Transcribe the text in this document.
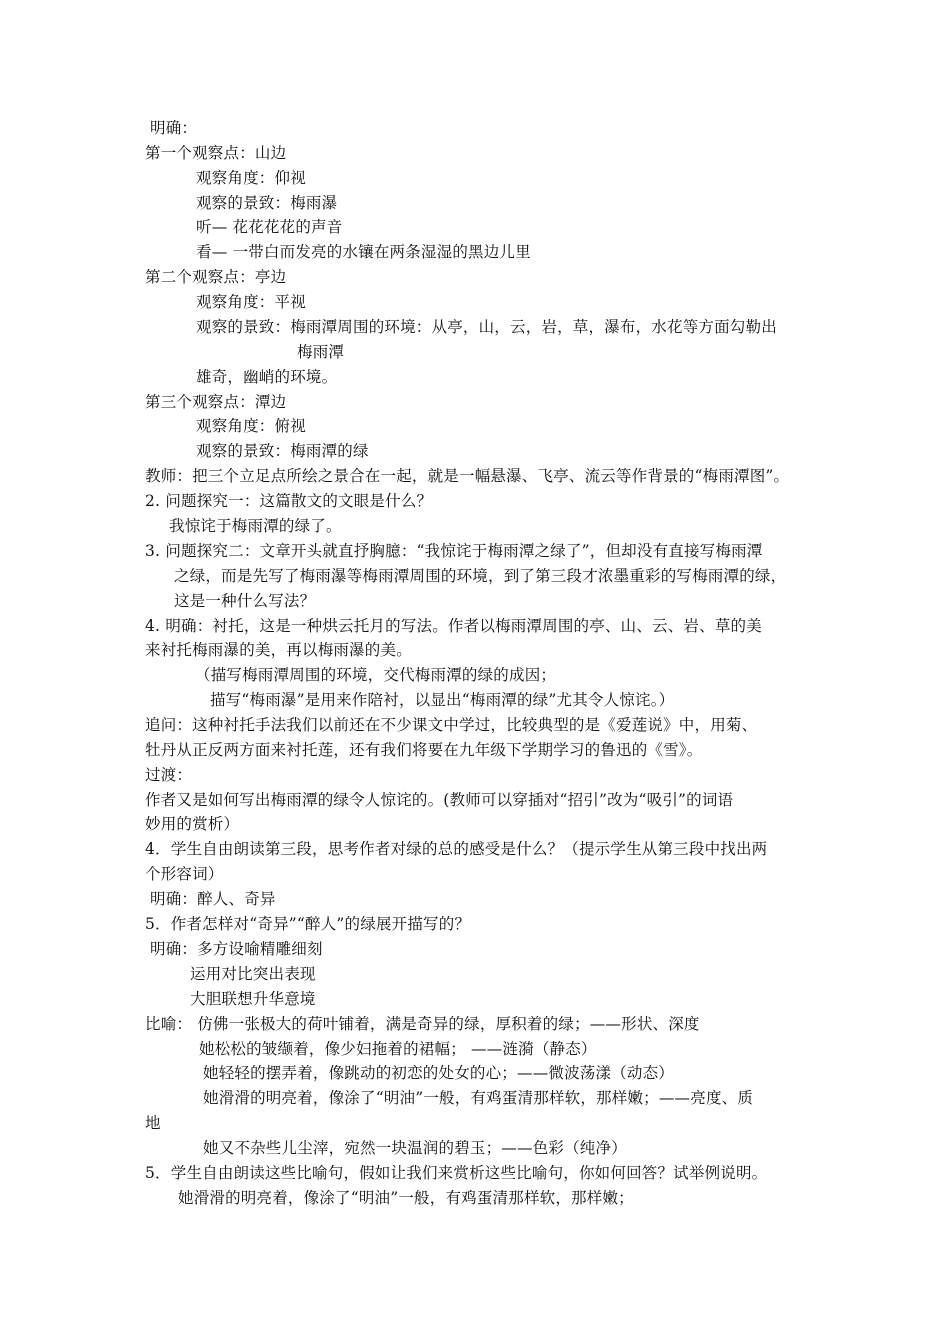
明确：
第一个观察点：山边
观察角度：仰视
观察的景致：梅雨瀑
听— 花花花花的声音
看— 一带白而发亮的水镶在两条湿湿的黑边儿里
第二个观察点：亭边
观察角度：平视
观察的景致：梅雨潭周围的环境：从亭，山，云，岩，草，瀑布，水花等方面勾勒出
梅雨潭
雄奇，幽峭的环境。
第三个观察点：潭边
观察角度：俯视
观察的景致：梅雨潭的绿
教师：把三个立足点所绘之景合在一起，就是一幅悬瀑、飞亭、流云等作背景的“梅雨潭图”。
2. 问题探究一：这篇散文的文眼是什么？
我惊诧于梅雨潭的绿了。
3. 问题探究二：文章开头就直抒胸臆：“我惊诧于梅雨潭之绿了”，但却没有直接写梅雨潭
之绿，而是先写了梅雨瀑等梅雨潭周围的环境，到了第三段才浓墨重彩的写梅雨潭的绿，
这是一种什么写法？
4. 明确：衬托，这是一种烘云托月的写法。作者以梅雨潭周围的亭、山、云、岩、草的美
来衬托梅雨瀑的美，再以梅雨瀑的美。
（描写梅雨潭周围的环境，交代梅雨潭的绿的成因；
描写“梅雨瀑”是用来作陪衬，以显出“梅雨潭的绿”尤其令人惊诧。）
追问：这种衬托手法我们以前还在不少课文中学过，比较典型的是《爱莲说》中，用菊、
牡丹从正反两方面来衬托莲，还有我们将要在九年级下学期学习的鲁迅的《雪》。
过渡：
作者又是如何写出梅雨潭的绿令人惊诧的。(教师可以穿插对“招引”改为“吸引”的词语
妙用的赏析）
4．学生自由朗读第三段，思考作者对绿的总的感受是什么？（提示学生从第三段中找出两
个形容词）
明确：醉人、奇异
5．作者怎样对“奇异”“醉人”的绿展开描写的？
明确：多方设喻精雕细刻
运用对比突出表现
大胆联想升华意境
比喻： 仿佛一张极大的荷叶铺着，满是奇异的绿，厚积着的绿；——形状、深度
她松松的皱缬着，像少妇拖着的裙幅； ——涟漪（静态）
她轻轻的摆弄着，像跳动的初恋的处女的心；——微波荡漾（动态）
她滑滑的明亮着，像涂了“明油”一般，有鸡蛋清那样软，那样嫩；——亮度、质
地
她又不杂些儿尘滓，宛然一块温润的碧玉；——色彩（纯净）
5．学生自由朗读这些比喻句，假如让我们来赏析这些比喻句，你如何回答？试举例说明。
她滑滑的明亮着，像涂了“明油”一般，有鸡蛋清那样软，那样嫩；
